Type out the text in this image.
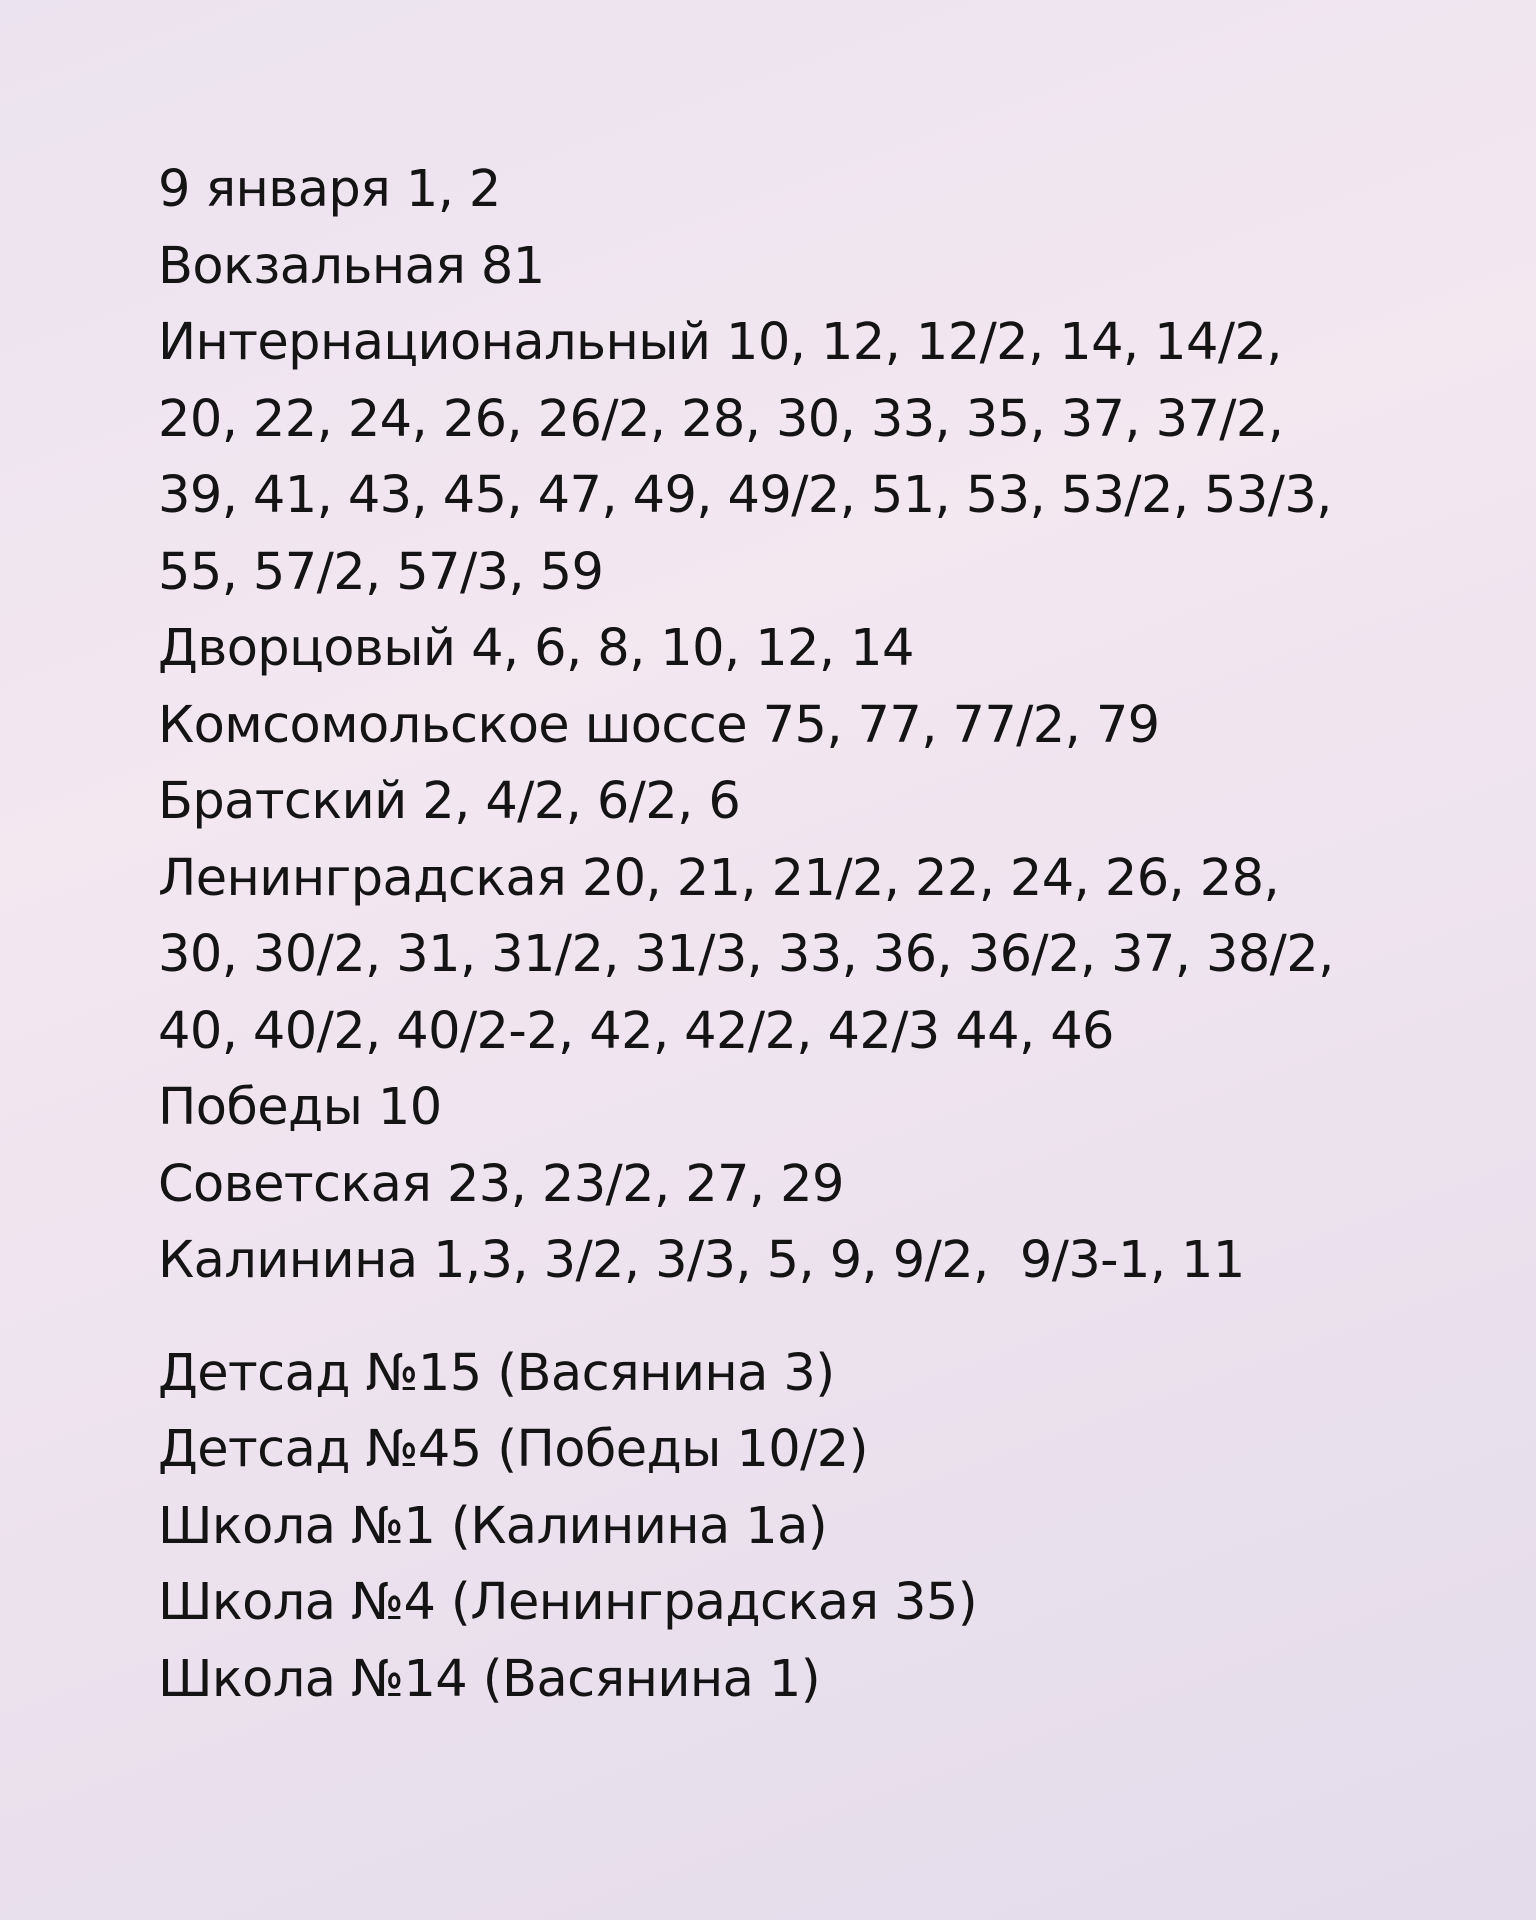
9 января 1, 2
Вокзальная 81
Интернациональный 10, 12, 12/2, 14, 14/2,
20, 22, 24, 26, 26/2, 28, 30, 33, 35, 37, 37/2,
39, 41, 43, 45, 47, 49, 49/2, 51, 53, 53/2, 53/3,
55, 57/2, 57/3, 59
Дворцовый 4, 6, 8, 10, 12, 14
Комсомольское шоссе 75, 77, 77/2, 79
Братский 2, 4/2, 6/2, 6
Ленинградская 20, 21, 21/2, 22, 24, 26, 28,
30, 30/2, 31, 31/2, 31/3, 33, 36, 36/2, 37, 38/2,
40, 40/2, 40/2-2, 42, 42/2, 42/3 44, 46
Победы 10
Советская 23, 23/2, 27, 29
Калинина 1,3, 3/2, 3/3, 5, 9, 9/2,  9/3-1, 11
Детсад №15 (Васянина 3)
Детсад №45 (Победы 10/2)
Школа №1 (Калинина 1а)
Школа №4 (Ленинградская 35)
Школа №14 (Васянина 1)
